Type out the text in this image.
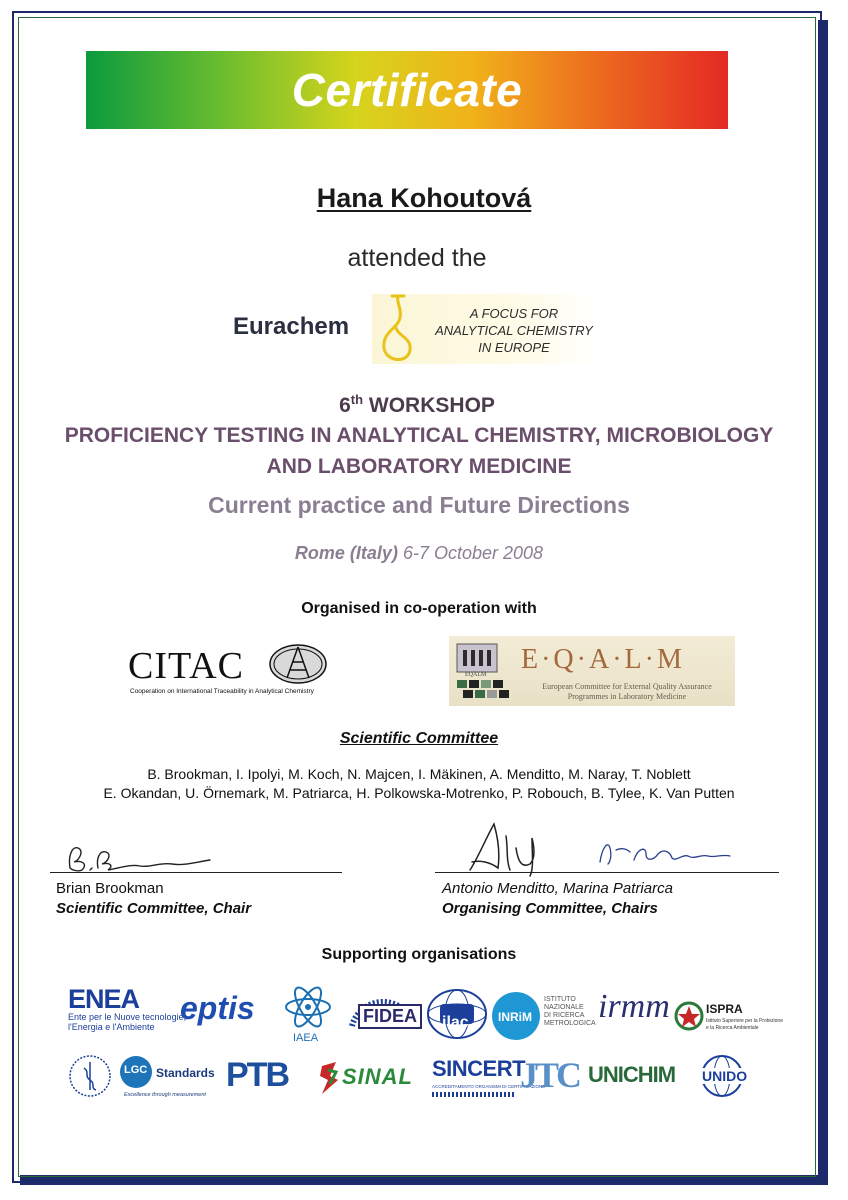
Certificate
Hana Kohoutová
attended the
Eurachem	A FOCUS FOR
ANALYTICAL CHEMISTRY
IN EUROPE
6th WORKSHOP
PROFICIENCY TESTING IN ANALYTICAL CHEMISTRY, MICROBIOLOGY
AND LABORATORY MEDICINE
Current practice and Future Directions
Rome (Italy) 6-7 October 2008
Organised in co-operation with
CITAC
Cooperation on International Traceability in Analytical Chemistry
EQALM E·Q·A·L·M
European Committee for External Quality Assurance Programmes in Laboratory Medicine
Scientific Committee
B. Brookman, I. Ipolyi, M. Koch, N. Majcen, I. Mäkinen, A. Menditto, M. Naray, T. Noblett
E. Okandan, U. Örnemark, M. Patriarca, H. Polkowska-Motrenko, P. Robouch, B. Tylee, K. Van Putten
Brian Brookman
Scientific Committee, Chair
Antonio Menditto, Marina Patriarca
Organising Committee, Chairs
Supporting organisations
ENEA
Ente per le Nuove tecnologie,
l'Energia e l'Ambiente
eptis
IAEA
FIDEA	ilac INRiM
ISTITUTO
NAZIONALE
DI RICERCA
METROLOGICA irmm	ISPRA
Istituto Superiore per la Protezione
e la Ricerca Ambientale
LGC Standards
Excellence through measurement
PTB SINAL SINCERT
ACCREDITAMENTO ORGANISMI DI CERTIFICAZIONE
JTC UNICHIM UNIDO
